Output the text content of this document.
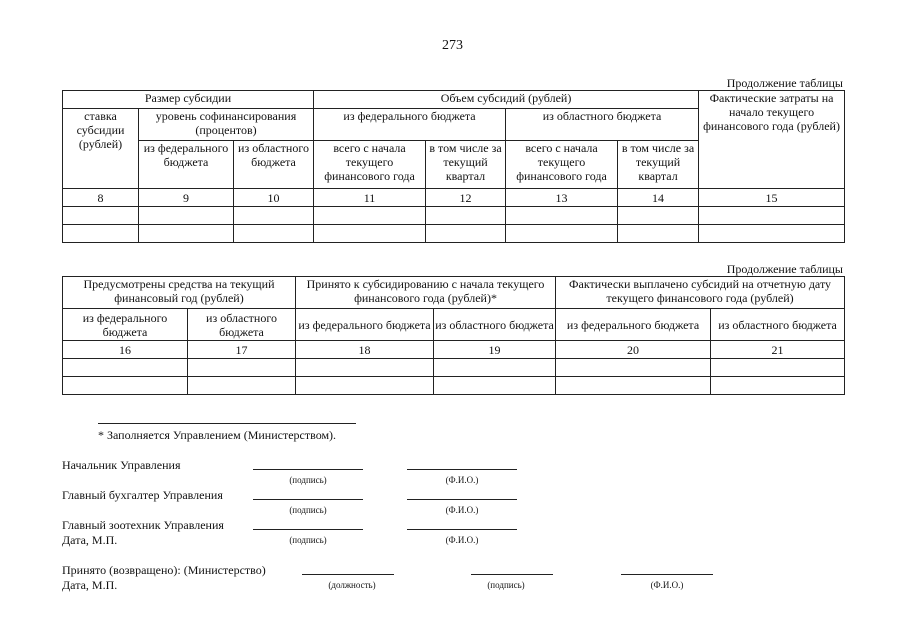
273
Продолжение таблицы
Размер субсидии			Объем субсидий (рублей)				Фактические затраты на начало текущего финансового года (рублей)
ставка субсидии (рублей)	уровень софинансирования (процентов)		из федерального бюджета		из областного бюджета		
	из федерального бюджета	из областного бюджета	всего с начала текущего финансового года	в том числе за текущий квартал	всего с начала текущего финансового года	в том числе за текущий квартал	
8	9	10	11	12	13	14	15

Продолжение таблицы
Предусмотрены средства на текущий финансовый год (рублей)		Принято к субсидированию с начала текущего финансового года (рублей)*		Фактически выплачено субсидий на отчетную дату текущего финансового года (рублей)	
из федерального бюджета	из областного бюджета	из федерального бюджета	из областного бюджета	из федерального бюджета	из областного бюджета
16	17	18	19	20	21

* Заполняется Управлением (Министерством).
Начальник Управления
(подпись)	(Ф.И.О.)
Главный бухгалтер Управления
(подпись)	(Ф.И.О.)
Главный зоотехник Управления
Дата, М.П.	(подпись)	(Ф.И.О.)
Принято (возвращено): (Министерство)
Дата, М.П.	(должность)	(подпись)	(Ф.И.О.)
